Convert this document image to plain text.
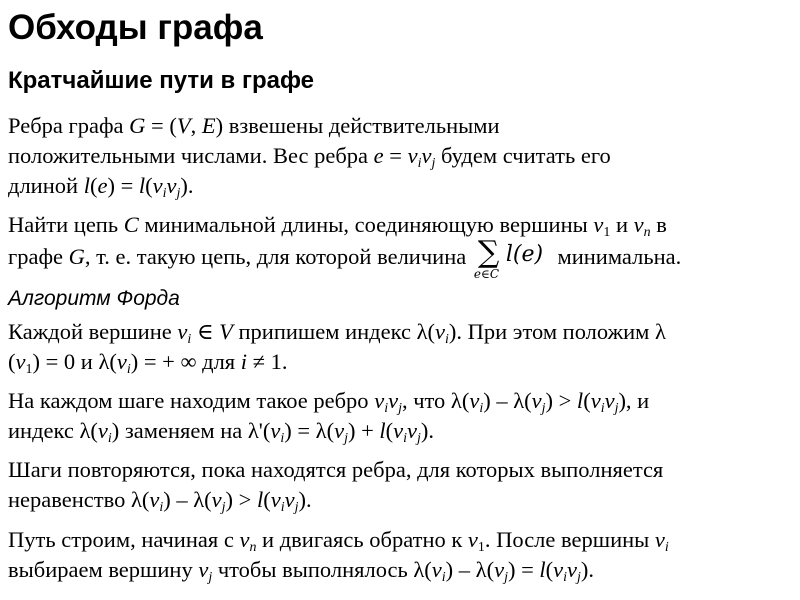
Обходы графа
Кратчайшие пути в графе

Ребра графа G = (V, E) взвешены действительными

положительными числами. Вес ребра $e = v_iv_j$ будем считать его

длиной $l(e) = l(v_iv_j)$.

Найти цепь C минимальной длины, соединяющую вершины $v_1$ и $v_n$ в

графе G, т. е. такую цепь, для которой величина ∑ l(e)
e∈C
минимальна.

Алгоритм Форда

Каждой вершине $v_i$ ∈ V припишем индекс $\lambda(v_i)$. При этом положим λ

$(v_1) = 0$ и $\lambda(v_i)$ = + ∞ для i ≠ 1.

На каждом шаге находим такое ребро $v_iv_j$, что $\lambda(v_i) - \lambda(v_j) > l(v_iv_j)$, и

индекс $\lambda(v_i)$ заменяем на $\lambda'(v_i) = \lambda(v_j) + l(v_iv_j)$.

Шаги повторяются, пока находятся ребра, для которых выполняется

неравенство $\lambda(v_i) - \lambda(v_j) > l(v_iv_j)$.

Путь строим, начиная с $v_n$ и двигаясь обратно к $v_1$. После вершины $v_i$

выбираем вершину $v_j$ чтобы выполнялось $\lambda(v_i) - \lambda(v_j) = l(v_iv_j)$.
